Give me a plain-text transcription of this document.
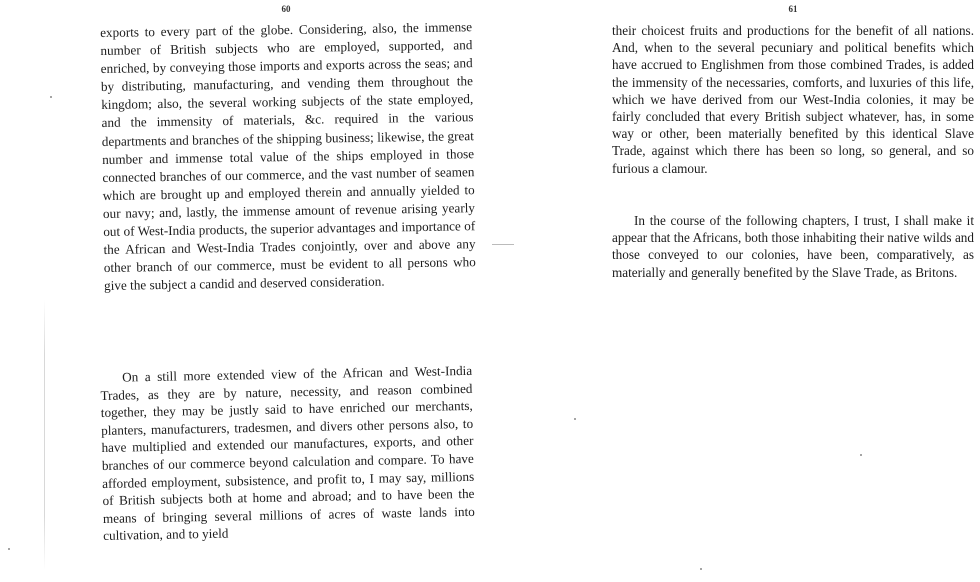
60

exports to every part of the globe. Considering, also, the immense number of British subjects who are employed, supported, and enriched, by conveying those imports and exports across the seas; and by distributing, manufacturing, and vending them throughout the kingdom; also, the several working subjects of the state employed, and the immensity of materials, &c. required in the various departments and branches of the shipping business; likewise, the great number and immense total value of the ships employed in those connected branches of our commerce, and the vast number of seamen which are brought up and employed therein and annually yielded to our navy; and, lastly, the immense amount of revenue arising yearly out of West-India products, the superior advantages and importance of the African and West-India Trades conjointly, over and above any other branch of our commerce, must be evident to all persons who give the subject a candid and deserved consideration.

On a still more extended view of the African and West-India Trades, as they are by nature, necessity, and reason combined together, they may be justly said to have enriched our merchants, planters, manufacturers, tradesmen, and divers other persons also, to have multiplied and extended our manufactures, exports, and other branches of our commerce beyond calculation and compare. To have afforded employment, subsistence, and profit to, I may say, millions of British subjects both at home and abroad; and to have been the means of bringing several millions of acres of waste lands into cultivation, and to yield

61

their choicest fruits and productions for the benefit of all nations. And, when to the several pecuniary and political benefits which have accrued to Englishmen from those combined Trades, is added the immensity of the necessaries, comforts, and luxuries of this life, which we have derived from our West-India colonies, it may be fairly concluded that every British subject whatever, has, in some way or other, been materially benefited by this identical Slave Trade, against which there has been so long, so general, and so furious a clamour.

In the course of the following chapters, I trust, I shall make it appear that the Africans, both those inhabiting their native wilds and those conveyed to our colonies, have been, comparatively, as materially and generally benefited by the Slave Trade, as Britons.
